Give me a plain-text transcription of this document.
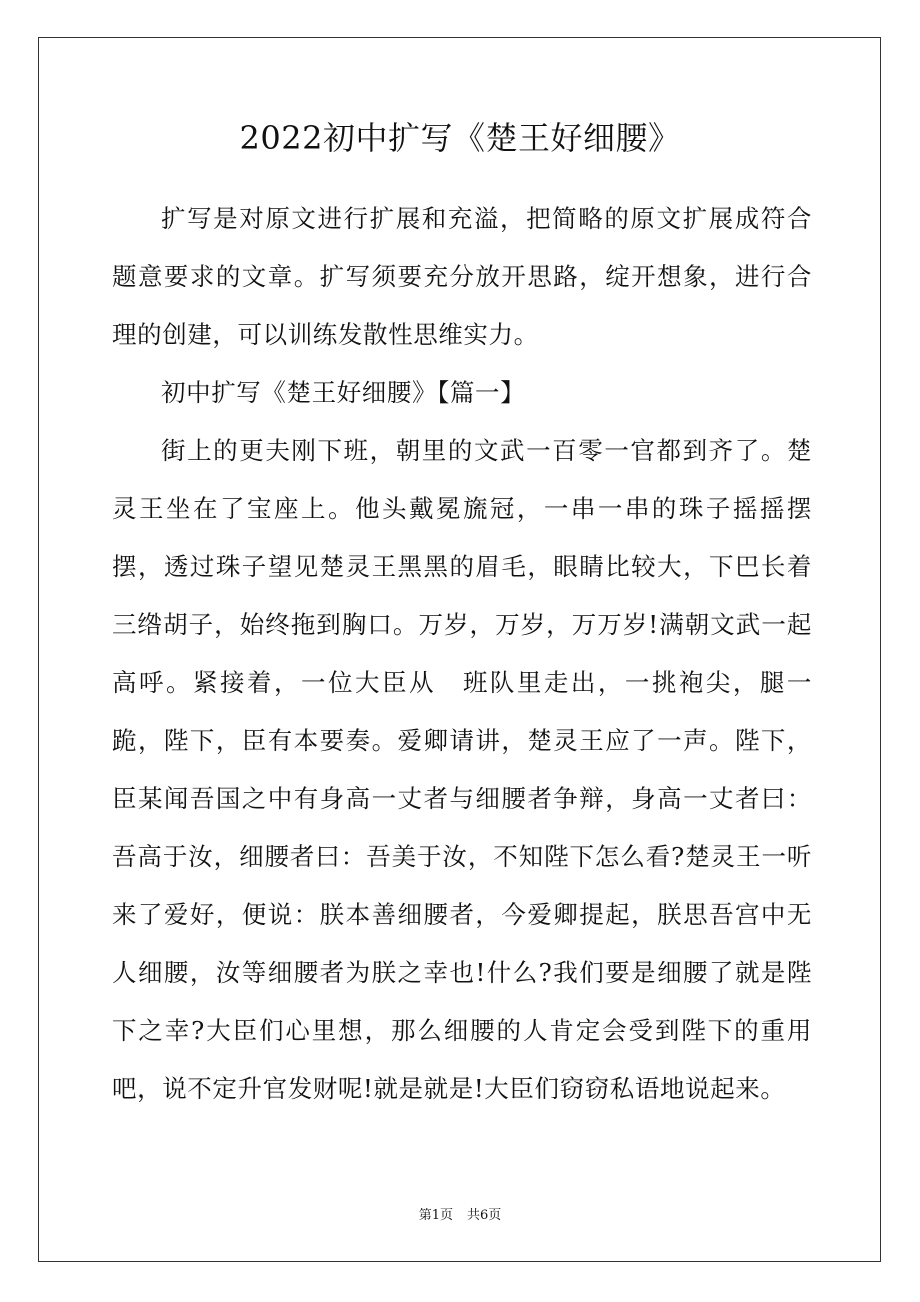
2022初中扩写《楚王好细腰》

扩写是对原文进行扩展和充溢，把简略的原文扩展成符合题意要求的文章。扩写须要充分放开思路，绽开想象，进行合理的创建，可以训练发散性思维实力。

初中扩写《楚王好细腰》【篇一】

街上的更夫刚下班，朝里的文武一百零一官都到齐了。楚灵王坐在了宝座上。他头戴冕旒冠，一串一串的珠子摇摇摆摆，透过珠子望见楚灵王黑黑的眉毛，眼睛比较大，下巴长着三绺胡子，始终拖到胸口。万岁，万岁，万万岁!满朝文武一起高呼。紧接着，一位大臣从　班队里走出，一挑袍尖，腿一跪，陛下，臣有本要奏。爱卿请讲，楚灵王应了一声。陛下，臣某闻吾国之中有身高一丈者与细腰者争辩，身高一丈者曰：吾高于汝，细腰者曰：吾美于汝，不知陛下怎么看?楚灵王一听来了爱好，便说：朕本善细腰者，今爱卿提起，朕思吾宫中无人细腰，汝等细腰者为朕之幸也!什么?我们要是细腰了就是陛下之幸?大臣们心里想，那么细腰的人肯定会受到陛下的重用吧，说不定升官发财呢!就是就是!大臣们窃窃私语地说起来。

第1页 共6页
